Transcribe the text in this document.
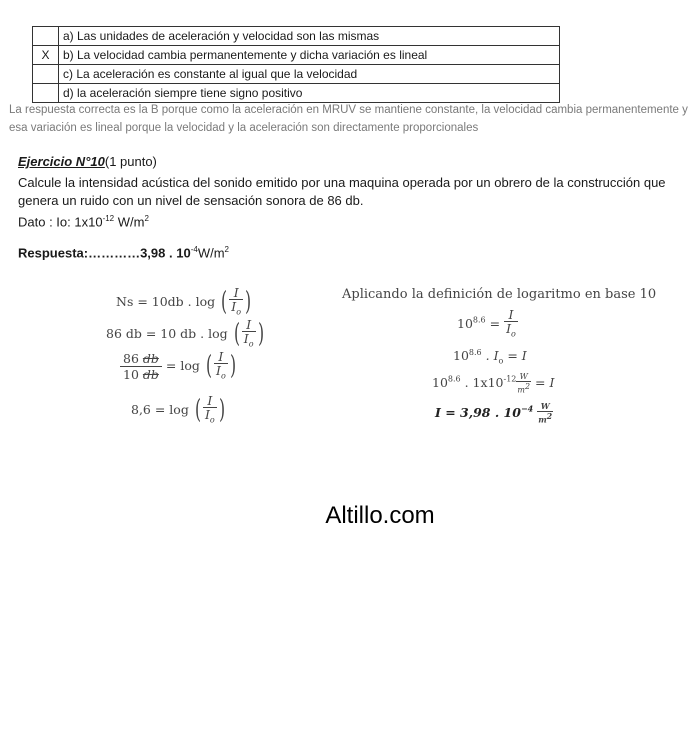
	a) Las unidades de aceleración y velocidad son las mismas
X	b) La velocidad cambia permanentemente y dicha variación es lineal
	c) La aceleración es constante al igual que la velocidad
	d) la aceleración siempre tiene signo positivo
La respuesta correcta es la B porque como la aceleración en MRUV se mantiene constante, la velocidad cambia permanentemente y esa variación es lineal porque la velocidad y la aceleración son directamente proporcionales
Ejercicio N°10(1 punto)
Calcule la intensidad acústica del sonido emitido por una maquina operada por un obrero de la construcción que genera un ruido con un nivel de sensación sonora de 86 db.
Dato : Io: $1x10^{-12}$ $W/m^2$
Respuesta:…………3,98 . $10^{-4}W/m^2$
Ns = 10db . log ( $\frac{I}{I_o}$ )
86 db = 10 db . log ( $\frac{I}{I_o}$ )
$\frac{86 db}{10 db} = \log$ ( $\frac{I}{I_o}$ )
8,6 = log ( $\frac{I}{I_o}$ )
Aplicando la definición de logaritmo en base 10
$10^{8.6} = \frac{I}{I_o}$
$10^{8.6}$ . $I_o = I$
$10^{8.6}$ . $1x10^{-12} \frac{W}{m^2} = I$
I = 3,98 . $10^{-4} \frac{W}{m^2}$
Altillo.com
